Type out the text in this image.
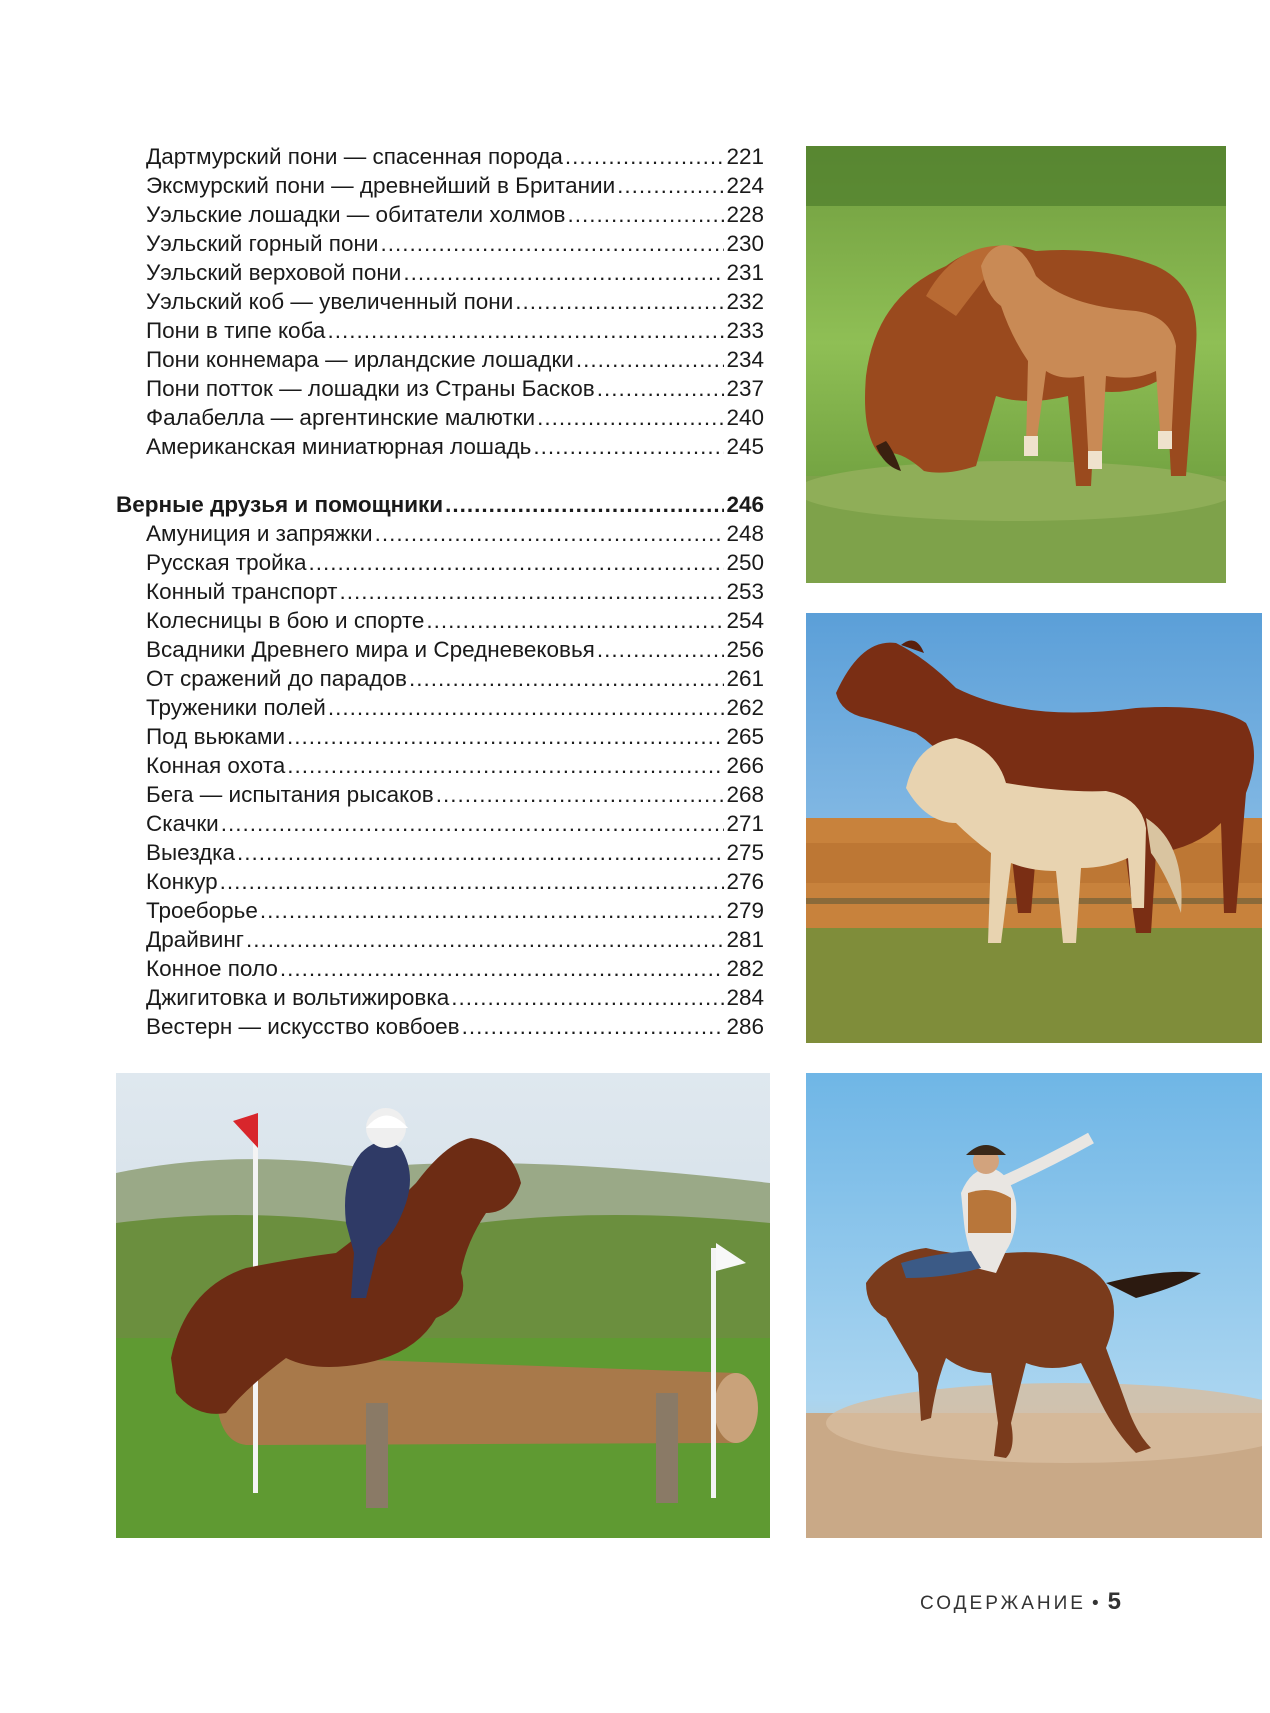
Дартмурский пони — спасенная порода .....	221
Эксмурский пони — древнейший в Британии .....	224
Уэльские лошадки — обитатели холмов .....	228
Уэльский горный пони .....	230
Уэльский верховой пони .....	231
Уэльский коб — увеличенный пони .....	232
Пони в типе коба .....	233
Пони коннемара — ирландские лошадки .....	234
Пони потток — лошадки из Страны Басков .....	237
Фалабелла — аргентинские малютки .....	240
Американская миниатюрная лошадь .....	245
Верные друзья и помощники .....	246
Амуниция и запряжки .....	248
Русская тройка .....	250
Конный транспорт .....	253
Колесницы в бою и спорте .....	254
Всадники Древнего мира и Средневековья .....	256
От сражений до парадов .....	261
Труженики полей .....	262
Под вьюками .....	265
Конная охота .....	266
Бега — испытания рысаков .....	268
Скачки .....	271
Выездка .....	275
Конкур .....	276
Троеборье .....	279
Драйвинг .....	281
Конное поло .....	282
Джигитовка и вольтижировка .....	284
Вестерн — искусство ковбоев .....	286
СОДЕРЖАНИЕ • 5
